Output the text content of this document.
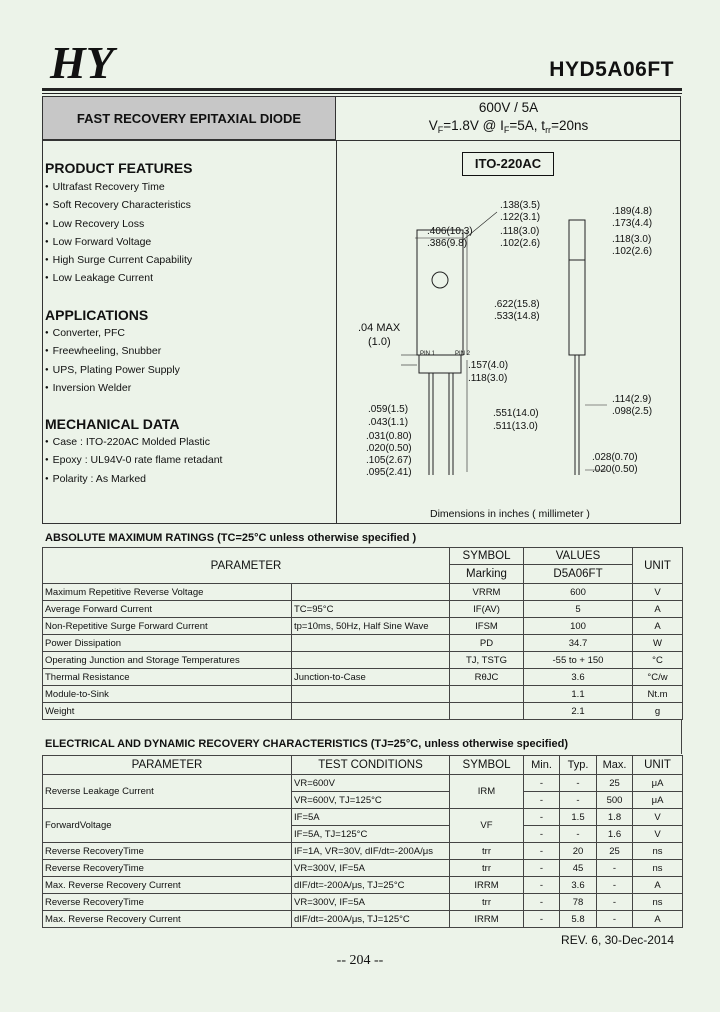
HY	HYD5A06FT
FAST RECOVERY EPITAXIAL DIODE
600V / 5A
$V_F=1.8V$ @ $I_F=5A$, $t_{rr}=20ns$
PRODUCT FEATURES
● Ultrafast Recovery Time
● Soft Recovery Characteristics
● Low Recovery Loss
● Low Forward Voltage
● High Surge Current Capability
● Low Leakage Current
APPLICATIONS
● Converter, PFC
● Freewheeling, Snubber
● UPS, Plating Power Supply
● Inversion Welder
MECHANICAL DATA
● Case : ITO-220AC Molded Plastic
● Epoxy : UL94V-0 rate flame retadant
● Polarity : As Marked
ITO-220AC
.406(10.3)
.386(9.8)
.138(3.5)
.122(3.1)
.118(3.0)
.102(2.6)
.189(4.8)
.173(4.4)
.118(3.0)
.102(2.6)
.622(15.8)
.533(14.8)
.04 MAX
(1.0)
PIN 1	PIN 2
.157(4.0)
.118(3.0)
.059(1.5)
.043(1.1)
.551(14.0)
.511(13.0)
.114(2.9)
.098(2.5)
.031(0.80)
.020(0.50)
.105(2.67)
.095(2.41)
.028(0.70)
.020(0.50)
Dimensions in inches ( millimeter )
ABSOLUTE MAXIMUM RATINGS (TC=25°C unless otherwise specified )
PARAMETER		SYMBOL	VALUES	UNIT
		Marking	D5A06FT	
Maximum Repetitive Reverse Voltage		VRRM	600	V
Average Forward Current	TC=95°C	IF(AV)	5	A
Non-Repetitive Surge Forward Current	tp=10ms, 50Hz, Half Sine Wave	IFSM	100	A
Power Dissipation		PD	34.7	W
Operating Junction and Storage Temperatures		TJ, TSTG	-55 to + 150	°C
Thermal Resistance	Junction-to-Case	RθJC	3.6	°C/w
Module-to-Sink			1.1	Nt.m
Weight			2.1	g
ELECTRICAL AND DYNAMIC RECOVERY CHARACTERISTICS (TJ=25°C, unless otherwise specified)
PARAMETER	TEST CONDITIONS	SYMBOL	Min.	Typ.	Max.	UNIT
Reverse Leakage Current	VR=600V	IRM	-	-	25	μA
	VR=600V, TJ=125°C		-	-	500	μA
ForwardVoltage	IF=5A	VF	-	1.5	1.8	V
	IF=5A, TJ=125°C		-	-	1.6	V
Reverse RecoveryTime	IF=1A, VR=30V, dIF/dt=-200A/μs	trr	-	20	25	ns
Reverse RecoveryTime	VR=300V, IF=5A	trr	-	45	-	ns
Max. Reverse Recovery Current	dIF/dt=-200A/μs, TJ=25°C	IRRM	-	3.6	-	A
Reverse RecoveryTime	VR=300V, IF=5A	trr	-	78	-	ns
Max. Reverse Recovery Current	dIF/dt=-200A/μs, TJ=125°C	IRRM	-	5.8	-	A
REV. 6, 30-Dec-2014
-- 204 --
